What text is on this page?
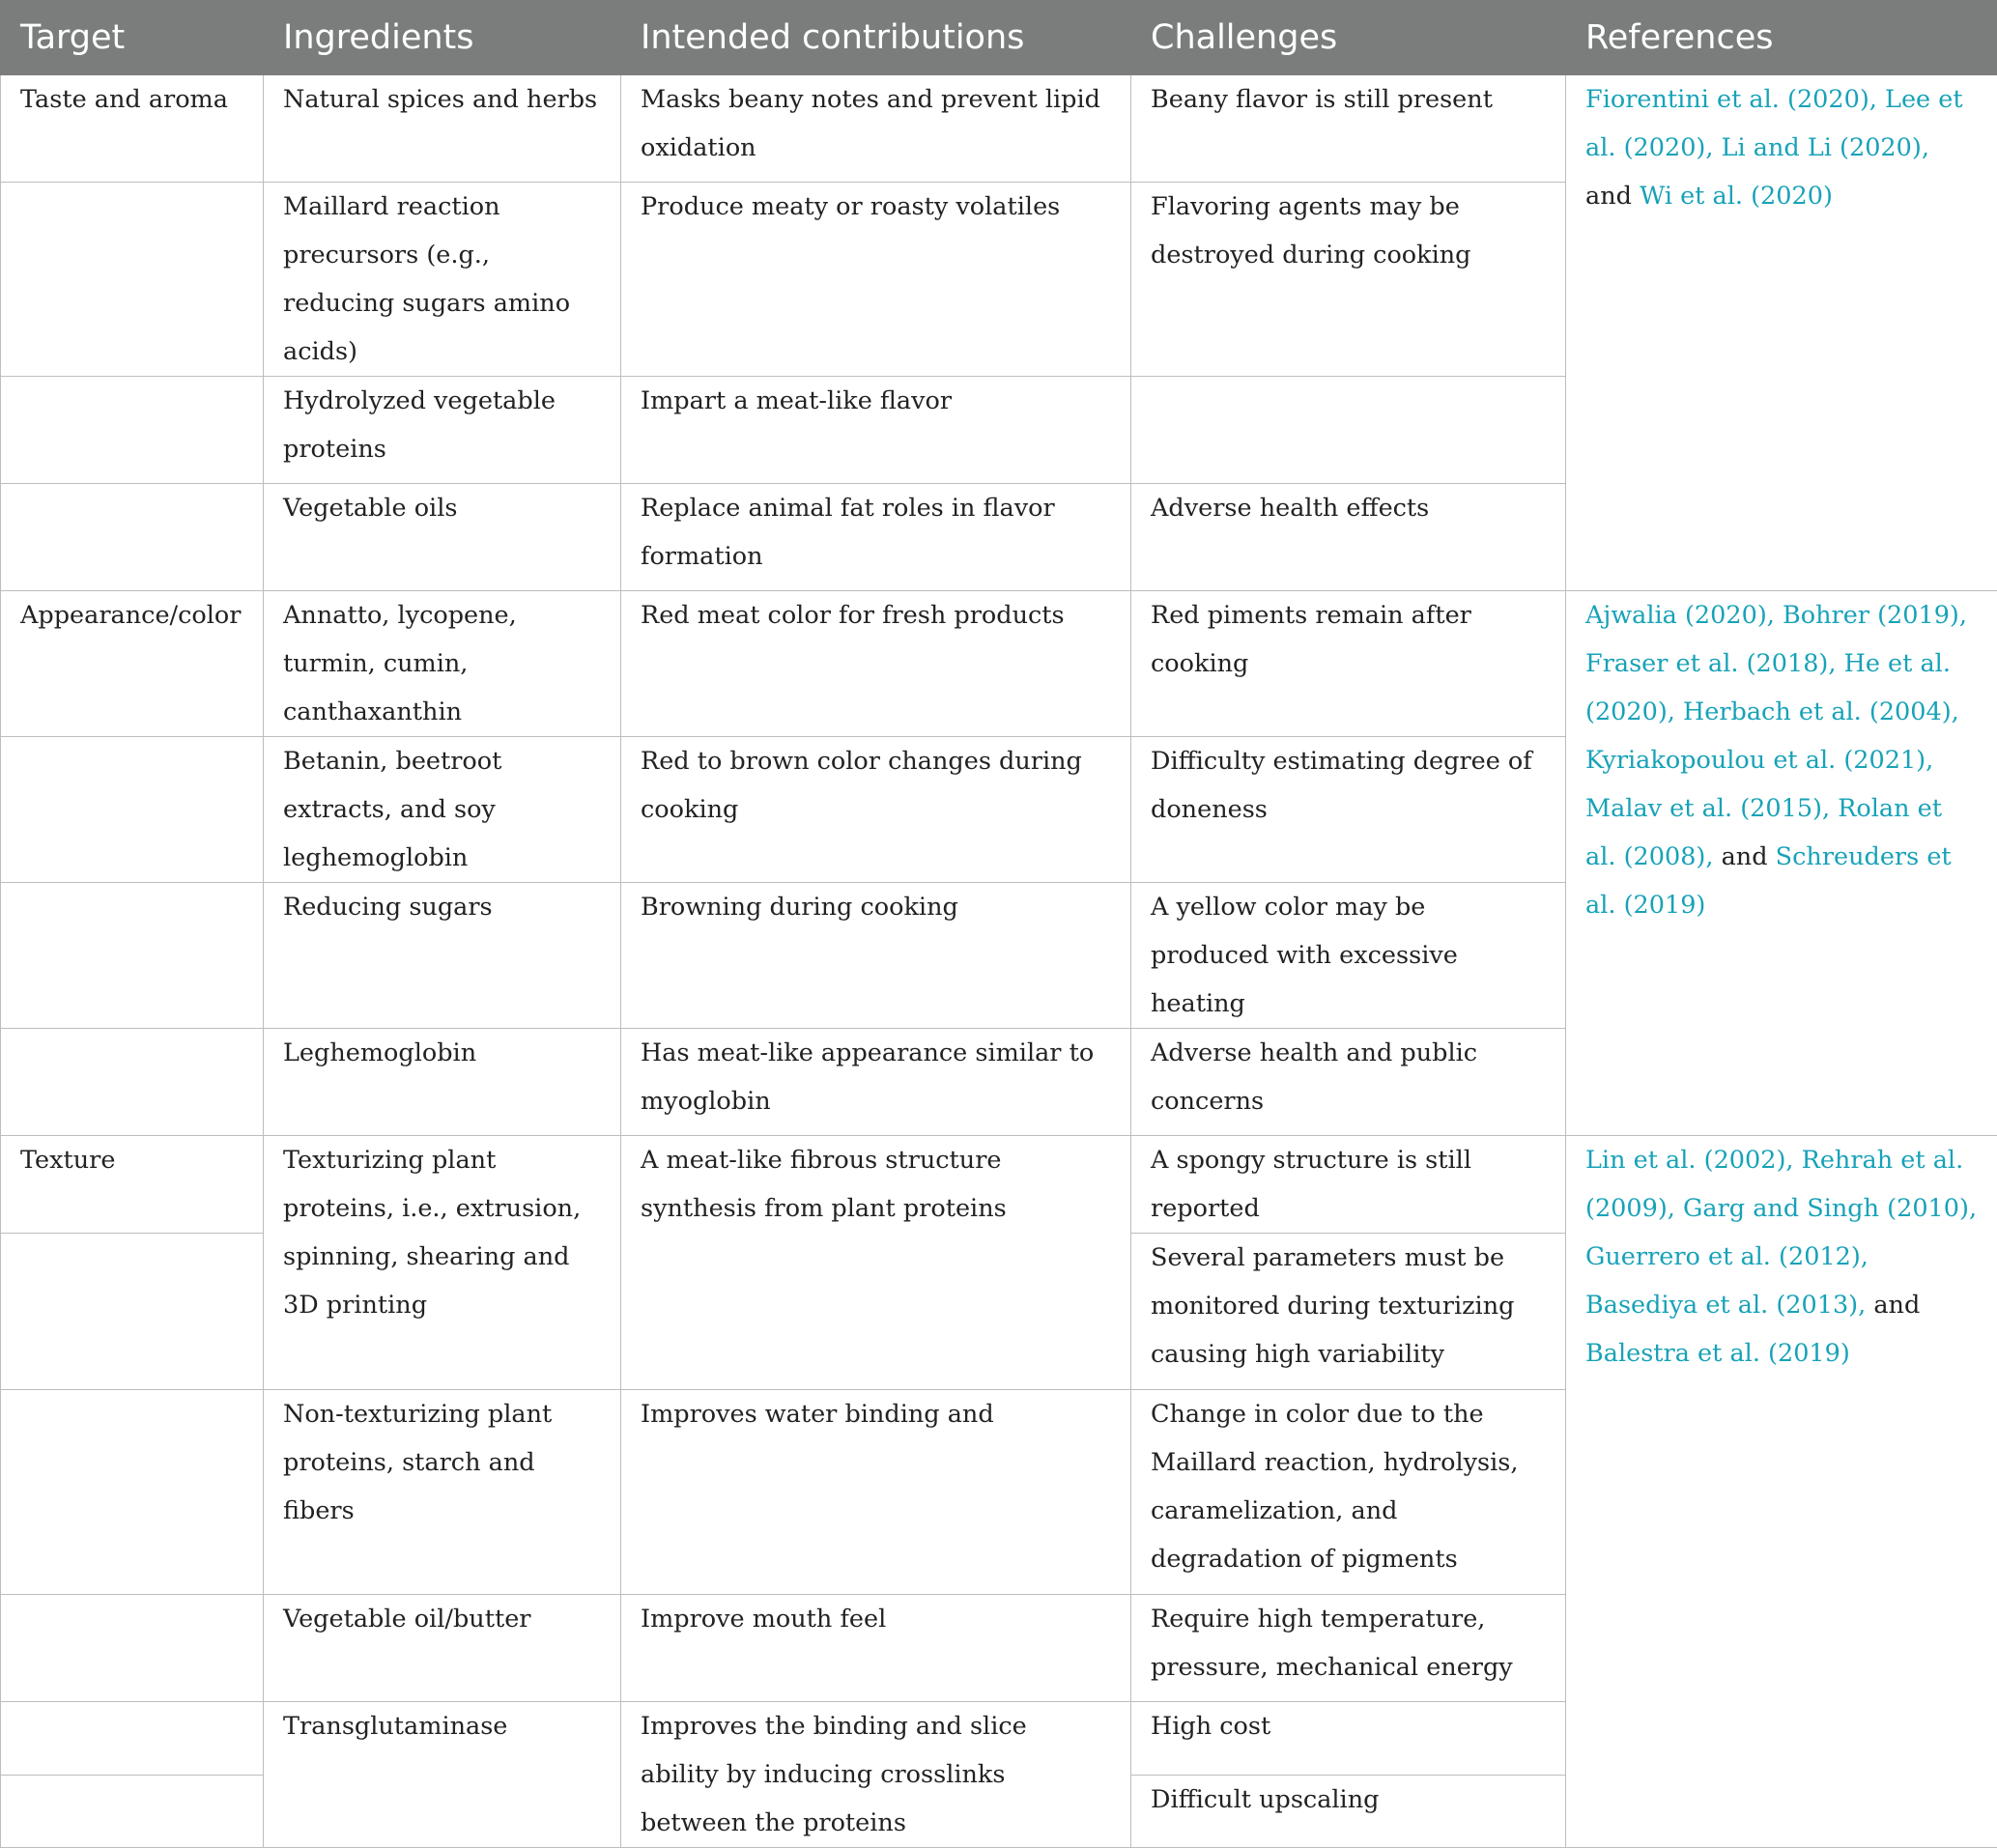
Target	Ingredients	Intended contributions	Challenges	References
Taste and aroma	Natural spices and herbs	Masks beany notes and prevent lipid oxidation	Beany flavor is still present	Fiorentini et al. (2020), Lee et al. (2020), Li and Li (2020), and Wi et al. (2020)
	Maillard reaction precursors (e.g., reducing sugars amino acids)	Produce meaty or roasty volatiles	Flavoring agents may be destroyed during cooking	
	Hydrolyzed vegetable proteins	Impart a meat-like flavor		
	Vegetable oils	Replace animal fat roles in flavor formation	Adverse health effects	
Appearance/color	Annatto, lycopene, turmin, cumin, canthaxanthin	Red meat color for fresh products	Red piments remain after cooking	Ajwalia (2020), Bohrer (2019), Fraser et al. (2018), He et al. (2020), Herbach et al. (2004), Kyriakopoulou et al. (2021), Malav et al. (2015), Rolan et al. (2008), and Schreuders et al. (2019)
	Betanin, beetroot extracts, and soy leghemoglobin	Red to brown color changes during cooking	Difficulty estimating degree of doneness	
	Reducing sugars	Browning during cooking	A yellow color may be produced with excessive heating	
	Leghemoglobin	Has meat-like appearance similar to myoglobin	Adverse health and public concerns	
Texture	Texturizing plant proteins, i.e., extrusion, spinning, shearing and 3D printing	A meat-like fibrous structure synthesis from plant proteins	A spongy structure is still reported	Lin et al. (2002), Rehrah et al. (2009), Garg and Singh (2010), Guerrero et al. (2012), Basediya et al. (2013), and Balestra et al. (2019)
			Several parameters must be monitored during texturizing causing high variability	
	Non-texturizing plant proteins, starch and fibers	Improves water binding and	Change in color due to the Maillard reaction, hydrolysis, caramelization, and degradation of pigments	
	Vegetable oil/butter	Improve mouth feel	Require high temperature, pressure, mechanical energy	
	Transglutaminase	Improves the binding and slice ability by inducing crosslinks between the proteins	High cost	
			Difficult upscaling	
